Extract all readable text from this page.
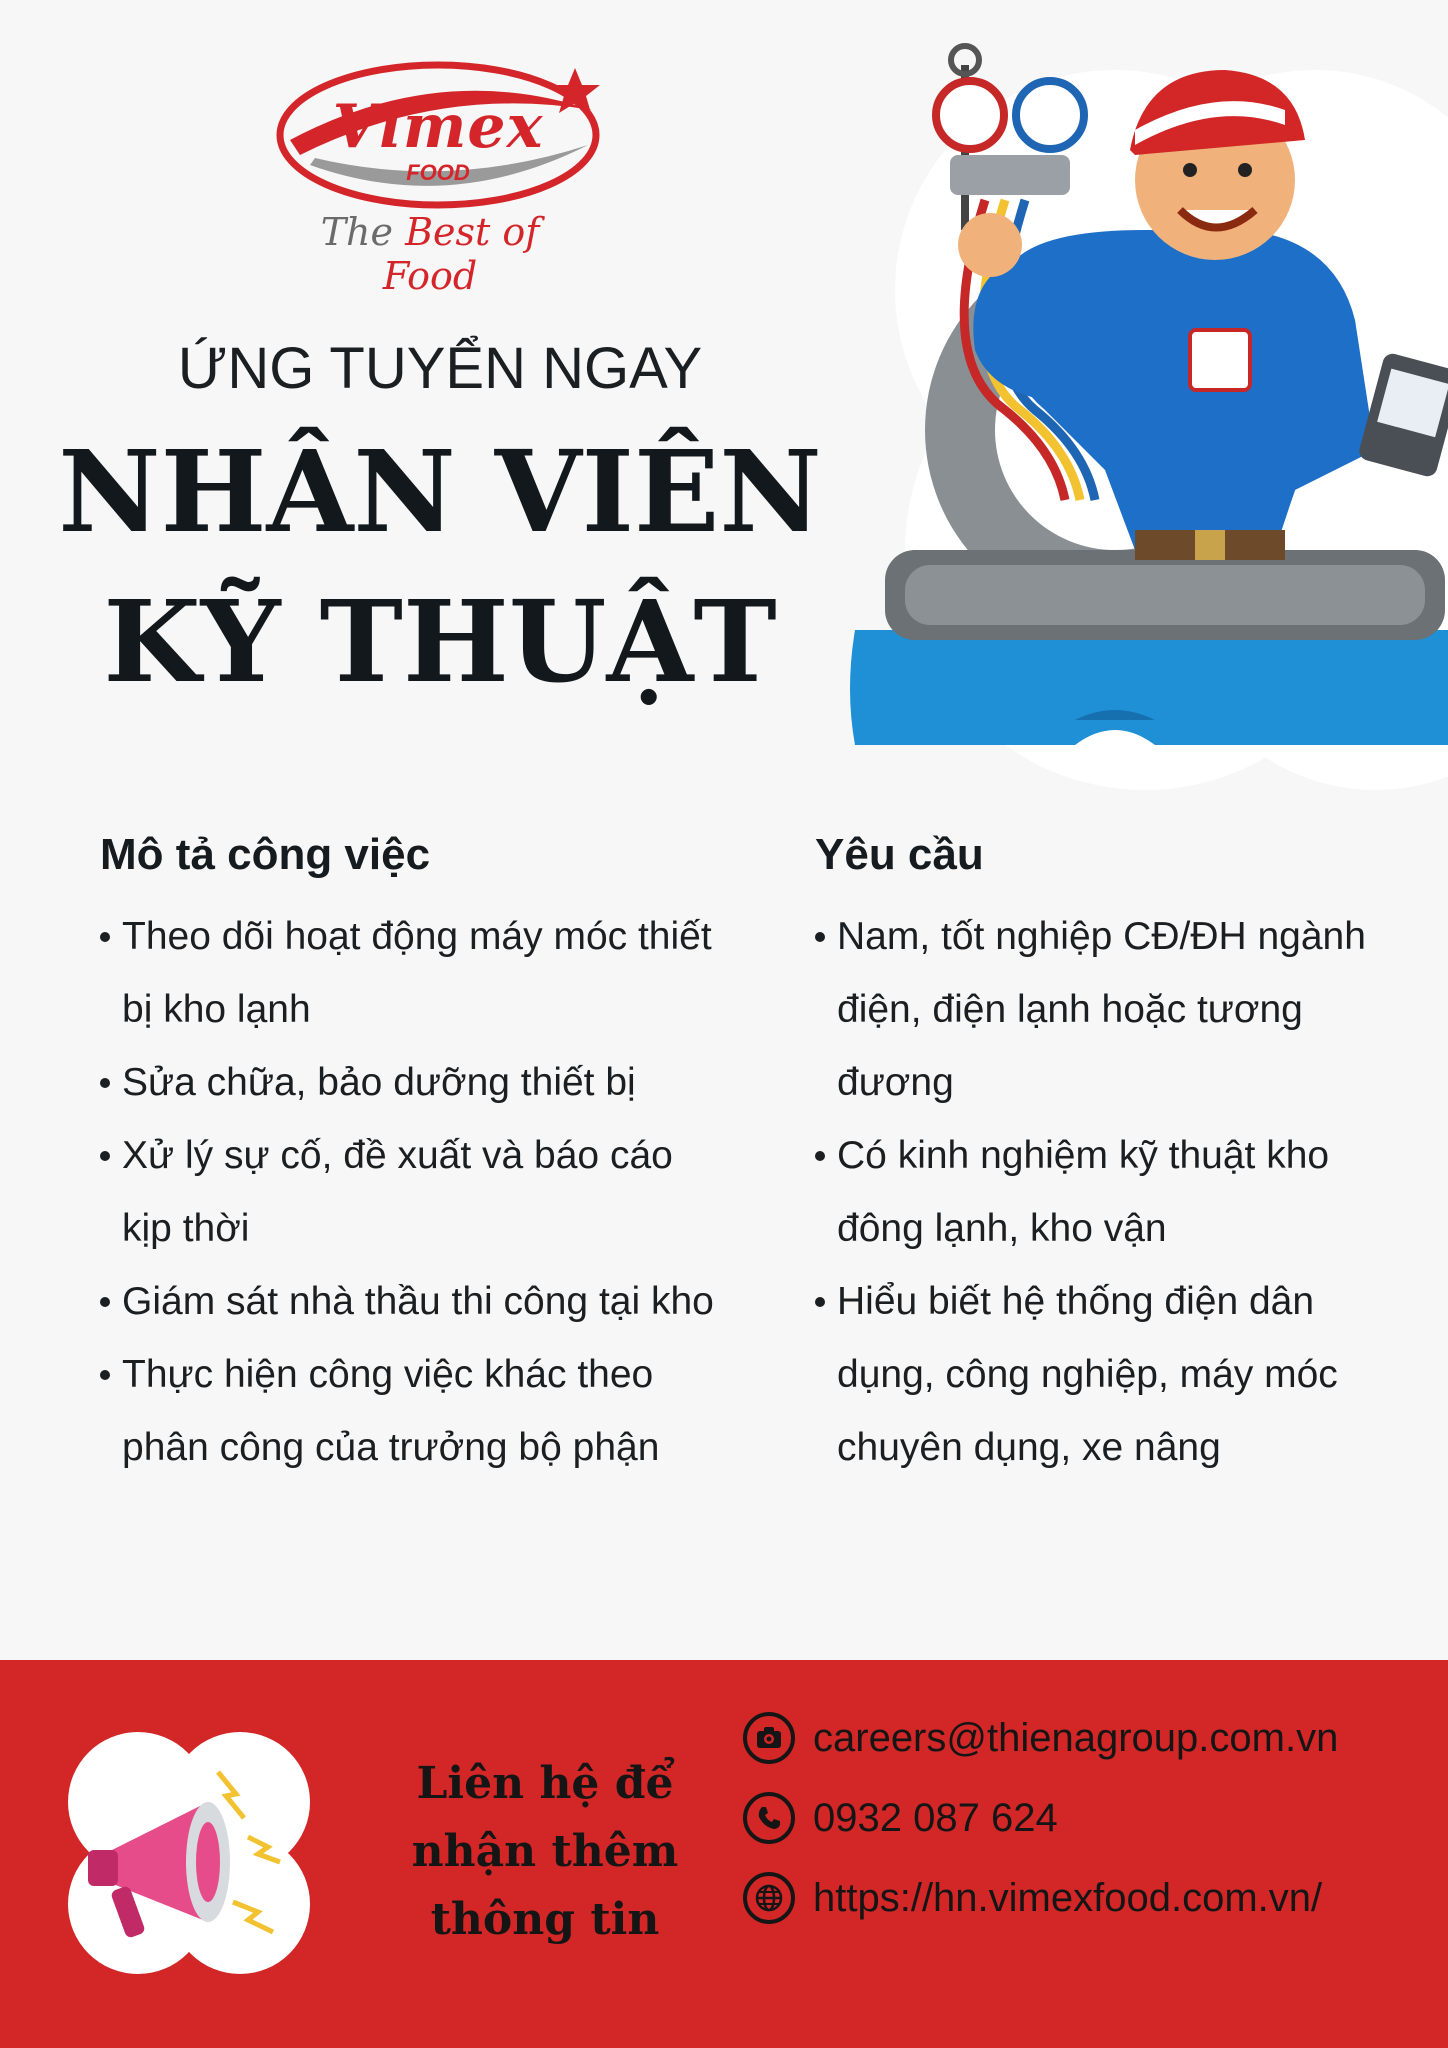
Vimex
FOOD
The Best of Food
ỨNG TUYỂN NGAY
NHÂN VIÊN
KỸ THUẬT
Mô tả công việc
Theo dõi hoạt động máy móc thiết bị kho lạnh
Sửa chữa, bảo dưỡng thiết bị
Xử lý sự cố, đề xuất và báo cáo kịp thời
Giám sát nhà thầu thi công tại kho
Thực hiện công việc khác theo phân công của trưởng bộ phận
Yêu cầu
Nam, tốt nghiệp CĐ/ĐH ngành điện, điện lạnh hoặc tương đương
Có kinh nghiệm kỹ thuật kho đông lạnh, kho vận
Hiểu biết hệ thống điện dân dụng, công nghiệp, máy móc chuyên dụng, xe nâng
Liên hệ để
nhận thêm
thông tin
careers@thienagroup.com.vn
0932 087 624
https://hn.vimexfood.com.vn/
